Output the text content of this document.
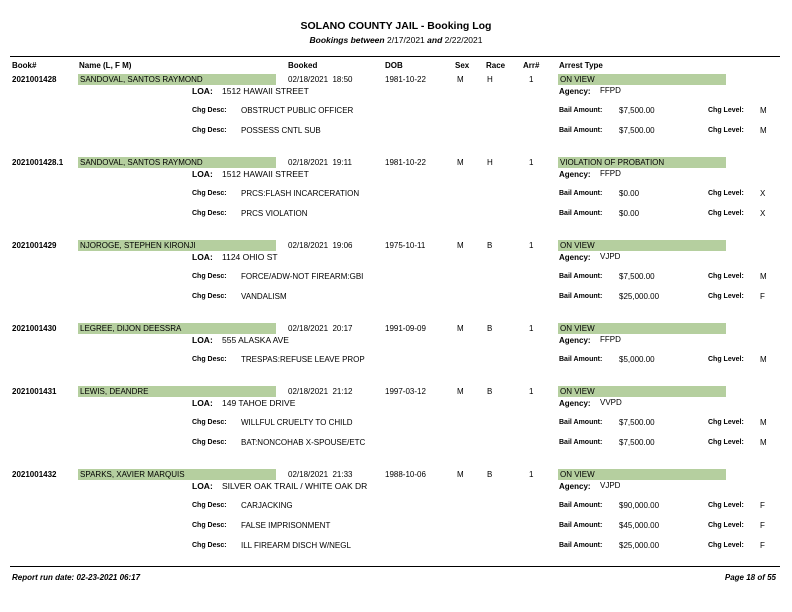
SOLANO COUNTY JAIL - Booking Log
Bookings between 2/17/2021 and 2/22/2021
Book#	Name (L, F M)	Booked	DOB	Sex Race Arr# Arrest Type
2021001428	SANDOVAL, SANTOS RAYMOND	02/18/2021  18:50	1981-10-22	M	H	1	ON VIEW
LOA: 1512 HAWAII STREET	Agency: FFPD
Chg Desc: OBSTRUCT PUBLIC OFFICER	Bail Amount: $7,500.00	Chg Level: M
Chg Desc: POSSESS CNTL SUB	Bail Amount: $7,500.00	Chg Level: M
2021001428.1 SANDOVAL, SANTOS RAYMOND	02/18/2021  19:11	1981-10-22	M	H	1	VIOLATION OF PROBATION
LOA: 1512 HAWAII STREET	Agency: FFPD
Chg Desc: PRCS:FLASH INCARCERATION	Bail Amount: $0.00	Chg Level: X
Chg Desc: PRCS VIOLATION	Bail Amount: $0.00	Chg Level: X
2021001429	NJOROGE, STEPHEN KIRONJI	02/18/2021  19:06	1975-10-11	M	B	1	ON VIEW
LOA: 1124 OHIO ST	Agency: VJPD
Chg Desc: FORCE/ADW-NOT FIREARM:GBI	Bail Amount: $7,500.00	Chg Level: M
Chg Desc: VANDALISM	Bail Amount: $25,000.00	Chg Level: F
2021001430	LEGREE, DIJON DEESSRA	02/18/2021  20:17	1991-09-09	M	B	1	ON VIEW
LOA: 555 ALASKA AVE	Agency: FFPD
Chg Desc: TRESPAS:REFUSE LEAVE PROP	Bail Amount: $5,000.00	Chg Level: M
2021001431	LEWIS, DEANDRE	02/18/2021  21:12	1997-03-12	M	B	1	ON VIEW
LOA: 149 TAHOE DRIVE	Agency: VVPD
Chg Desc: WILLFUL CRUELTY TO CHILD	Bail Amount: $7,500.00	Chg Level: M
Chg Desc: BAT:NONCOHAB X-SPOUSE/ETC	Bail Amount: $7,500.00	Chg Level: M
2021001432	SPARKS, XAVIER MARQUIS	02/18/2021  21:33	1988-10-06	M	B	1	ON VIEW
LOA: SILVER OAK TRAIL / WHITE OAK DR	Agency: VJPD
Chg Desc: CARJACKING	Bail Amount: $90,000.00	Chg Level: F
Chg Desc: FALSE IMPRISONMENT	Bail Amount: $45,000.00	Chg Level: F
Chg Desc: ILL FIREARM DISCH W/NEGL	Bail Amount: $25,000.00	Chg Level: F
Report run date: 02-23-2021 06:17	Page 18 of 55
